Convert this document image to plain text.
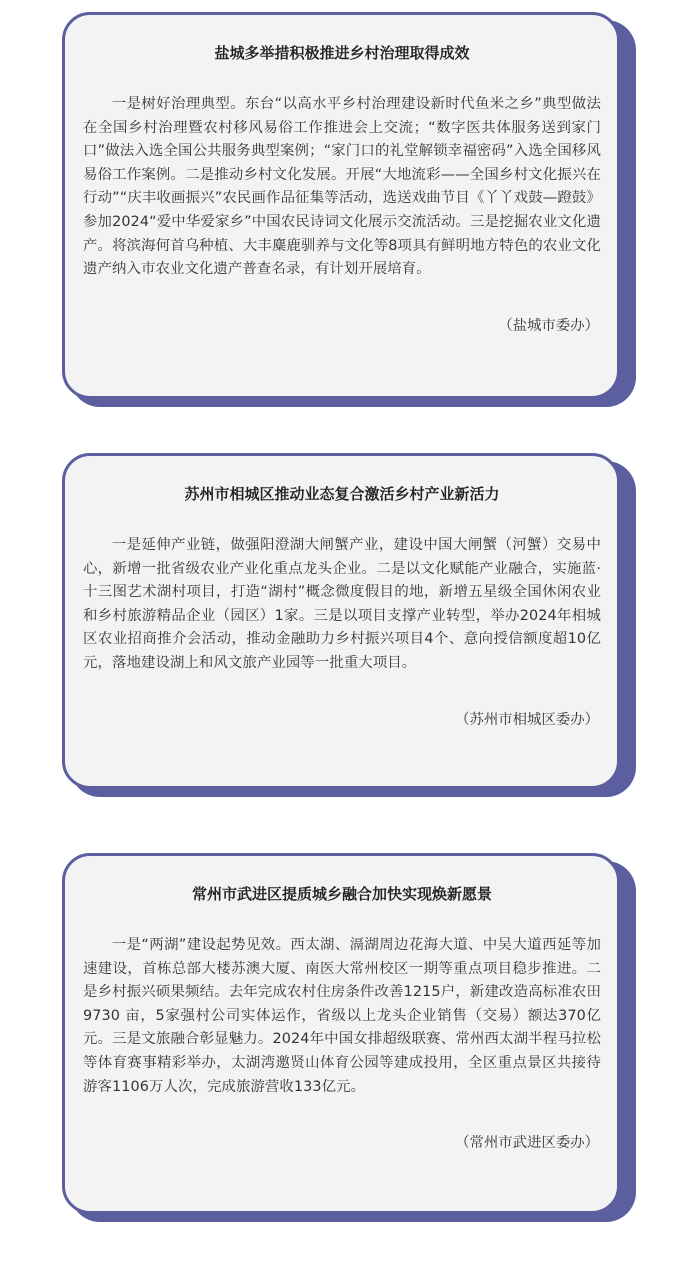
盐城多举措积极推进乡村治理取得成效

一是树好治理典型。东台“以高水平乡村治理建设新时代鱼米之乡”典型做法在全国乡村治理暨农村移风易俗工作推进会上交流；“数字医共体服务送到家门口”做法入选全国公共服务典型案例；“家门口的礼堂解锁幸福密码”入选全国移风易俗工作案例。二是推动乡村文化发展。开展“大地流彩——全国乡村文化振兴在行动”“庆丰收画振兴”农民画作品征集等活动，选送戏曲节目《丫丫戏鼓—蹬鼓》参加2024“爱中华爱家乡”中国农民诗词文化展示交流活动。三是挖掘农业文化遗产。将滨海何首乌种植、大丰麋鹿驯养与文化等8项具有鲜明地方特色的农业文化遗产纳入市农业文化遗产普查名录，有计划开展培育。

（盐城市委办）
苏州市相城区推动业态复合激活乡村产业新活力

一是延伸产业链，做强阳澄湖大闸蟹产业，建设中国大闸蟹（河蟹）交易中心，新增一批省级农业产业化重点龙头企业。二是以文化赋能产业融合，实施蓝·十三图艺术湖村项目，打造“湖村”概念微度假目的地，新增五星级全国休闲农业和乡村旅游精品企业（园区）1家。三是以项目支撑产业转型，举办2024年相城区农业招商推介会活动，推动金融助力乡村振兴项目4个、意向授信额度超10亿元，落地建设湖上和风文旅产业园等一批重大项目。

（苏州市相城区委办）
常州市武进区提质城乡融合加快实现焕新愿景

一是“两湖”建设起势见效。西太湖、滆湖周边花海大道、中吴大道西延等加速建设，首栋总部大楼苏澳大厦、南医大常州校区一期等重点项目稳步推进。二是乡村振兴硕果频结。去年完成农村住房条件改善1215户，新建改造高标准农田9730 亩，5家强村公司实体运作，省级以上龙头企业销售（交易）额达370亿元。三是文旅融合彰显魅力。2024年中国女排超级联赛、常州西太湖半程马拉松等体育赛事精彩举办，太湖湾邀贤山体育公园等建成投用，全区重点景区共接待游客1106万人次，完成旅游营收133亿元。

（常州市武进区委办）
